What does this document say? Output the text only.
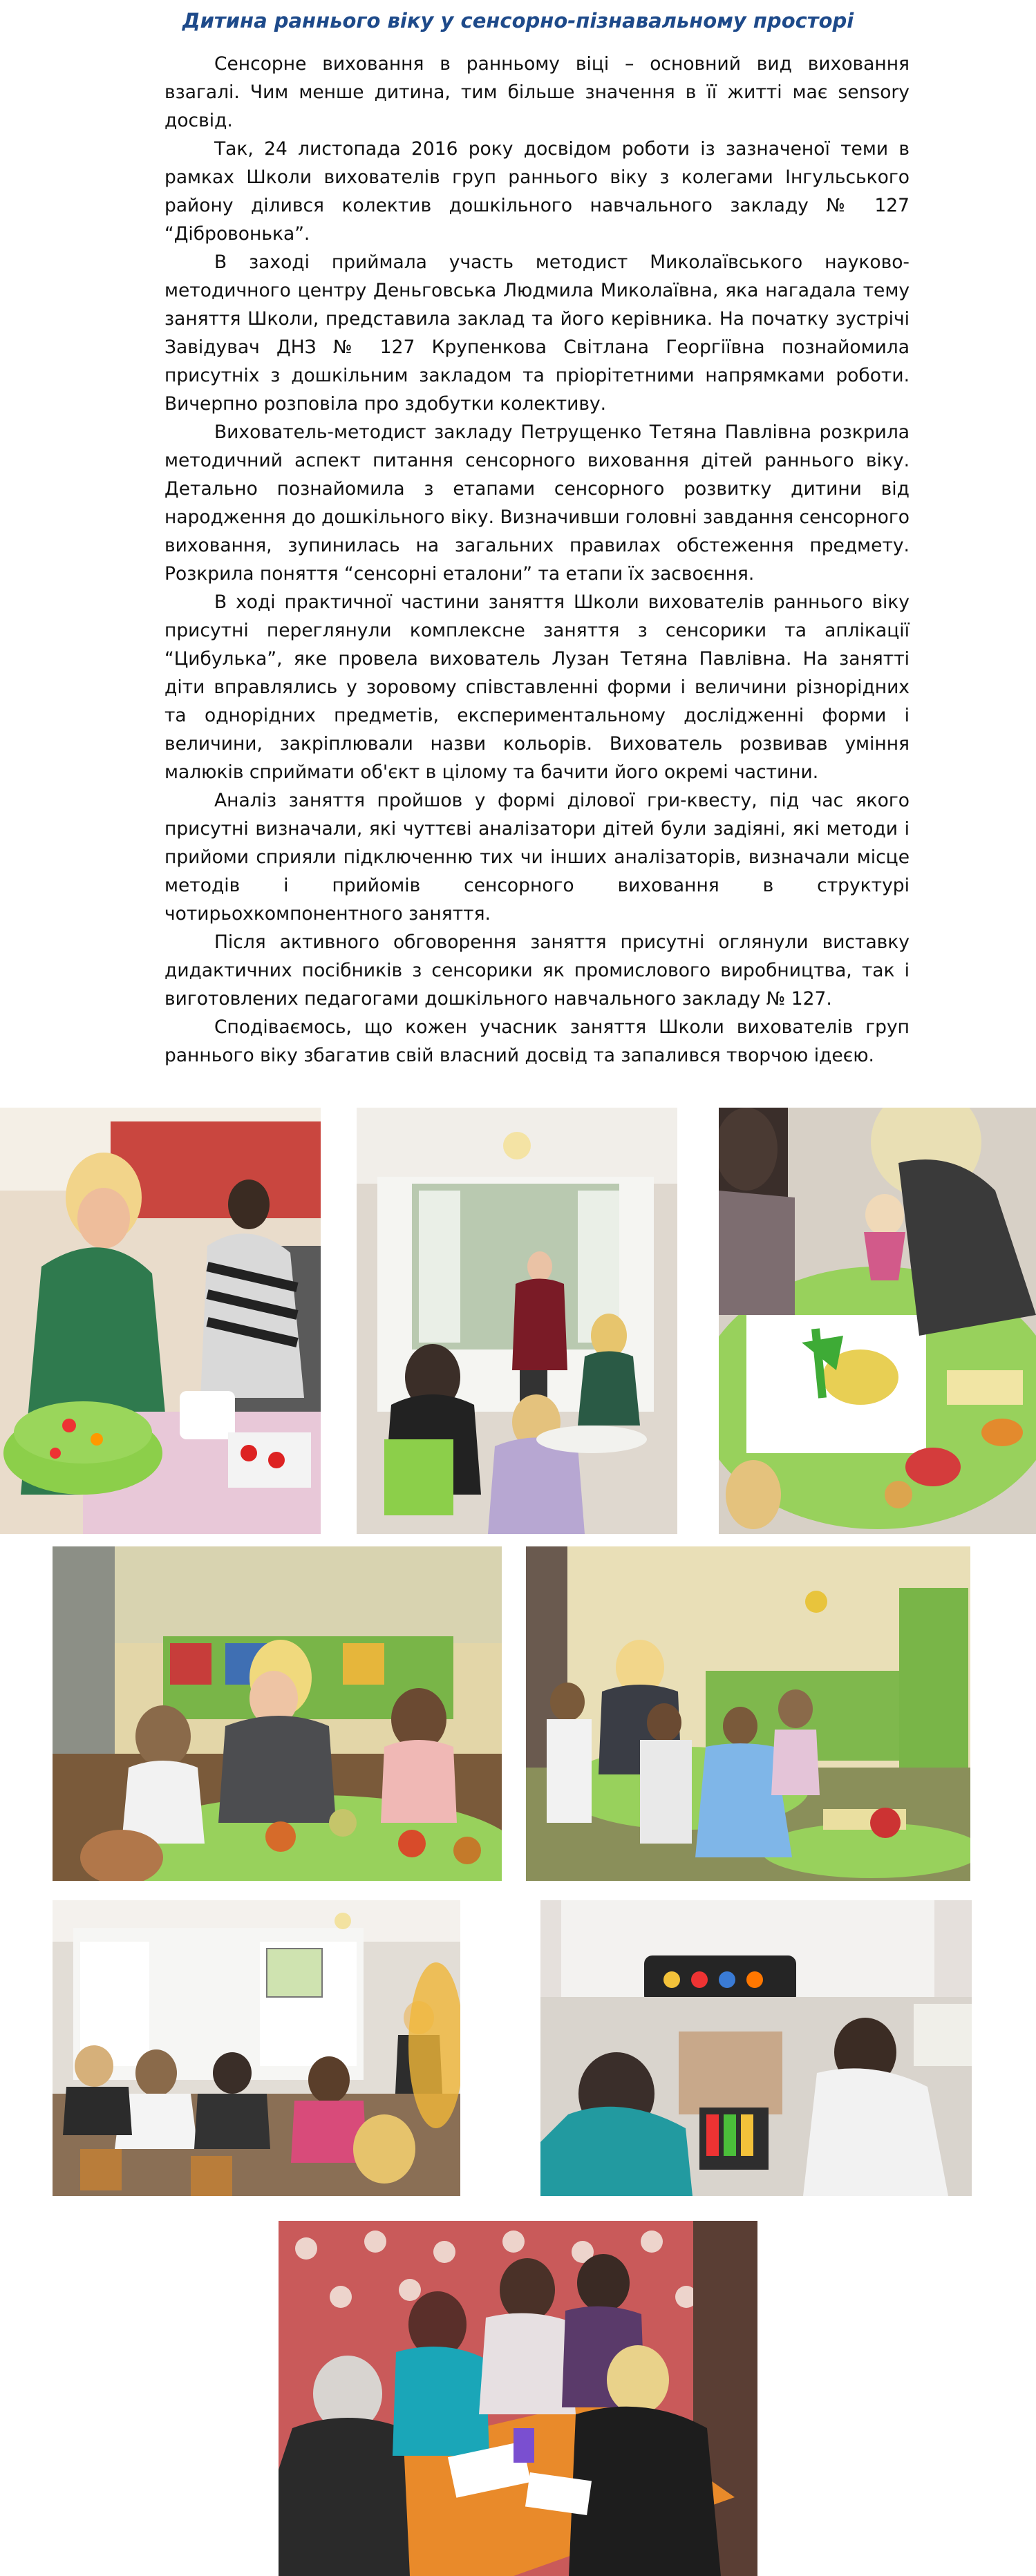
Дитина раннього віку у сенсорно-пізнавальному просторі

Сенсорне виховання в ранньому віці – основний вид виховання взагалі. Чим менше дитина, тим більше значення в її житті має sensory досвід.

Так, 24 листопада 2016 року досвідом роботи із зазначеної теми в рамках Школи вихователів груп раннього віку з колегами Інгульського району ділився колектив дошкільного навчального закладу № 127 “Дібровонька”.

В заході приймала участь методист Миколаївського науково-методичного центру Деньговська Людмила Миколаївна, яка нагадала тему заняття Школи, представила заклад та його керівника. На початку зустрічі Завідувач ДНЗ № 127 Крупенкова Світлана Георгіївна познайомила присутніх з дошкільним закладом та пріорітетними напрямками роботи. Вичерпно розповіла про здобутки колективу.

Вихователь-методист закладу Петрущенко Тетяна Павлівна розкрила методичний аспект питання сенсорного виховання дітей раннього віку. Детально познайомила з етапами сенсорного розвитку дитини від народження до дошкільного віку. Визначивши головні завдання сенсорного виховання, зупинилась на загальних правилах обстеження предмету. Розкрила поняття “сенсорні еталони” та етапи їх засвоєння.

В ході практичної частини заняття Школи вихователів раннього віку присутні переглянули комплексне заняття з сенсорики та аплікації “Цибулька”, яке провела вихователь Лузан Тетяна Павлівна. На занятті діти вправлялись у зоровому співставленні форми і величини різнорідних та однорідних предметів, експериментальному дослідженні форми і величини, закріплювали назви кольорів. Вихователь розвивав уміння малюків сприймати об'єкт в цілому та бачити його окремі частини.

Аналіз заняття пройшов у формі ділової гри-квесту, під час якого присутні визначали, які чуттєві аналізатори дітей були задіяні, які методи і прийоми сприяли підключенню тих чи інших аналізаторів, визначали місце методів і прийомів сенсорного виховання в структурі чотирьохкомпонентного заняття.

Після активного обговорення заняття присутні оглянули виставку дидактичних посібників з сенсорики як промислового виробництва, так і виготовлених педагогами дошкільного навчального закладу № 127.

Сподіваємось, що кожен учасник заняття Школи вихователів груп раннього віку збагатив свій власний досвід та запалився творчою ідеєю.
